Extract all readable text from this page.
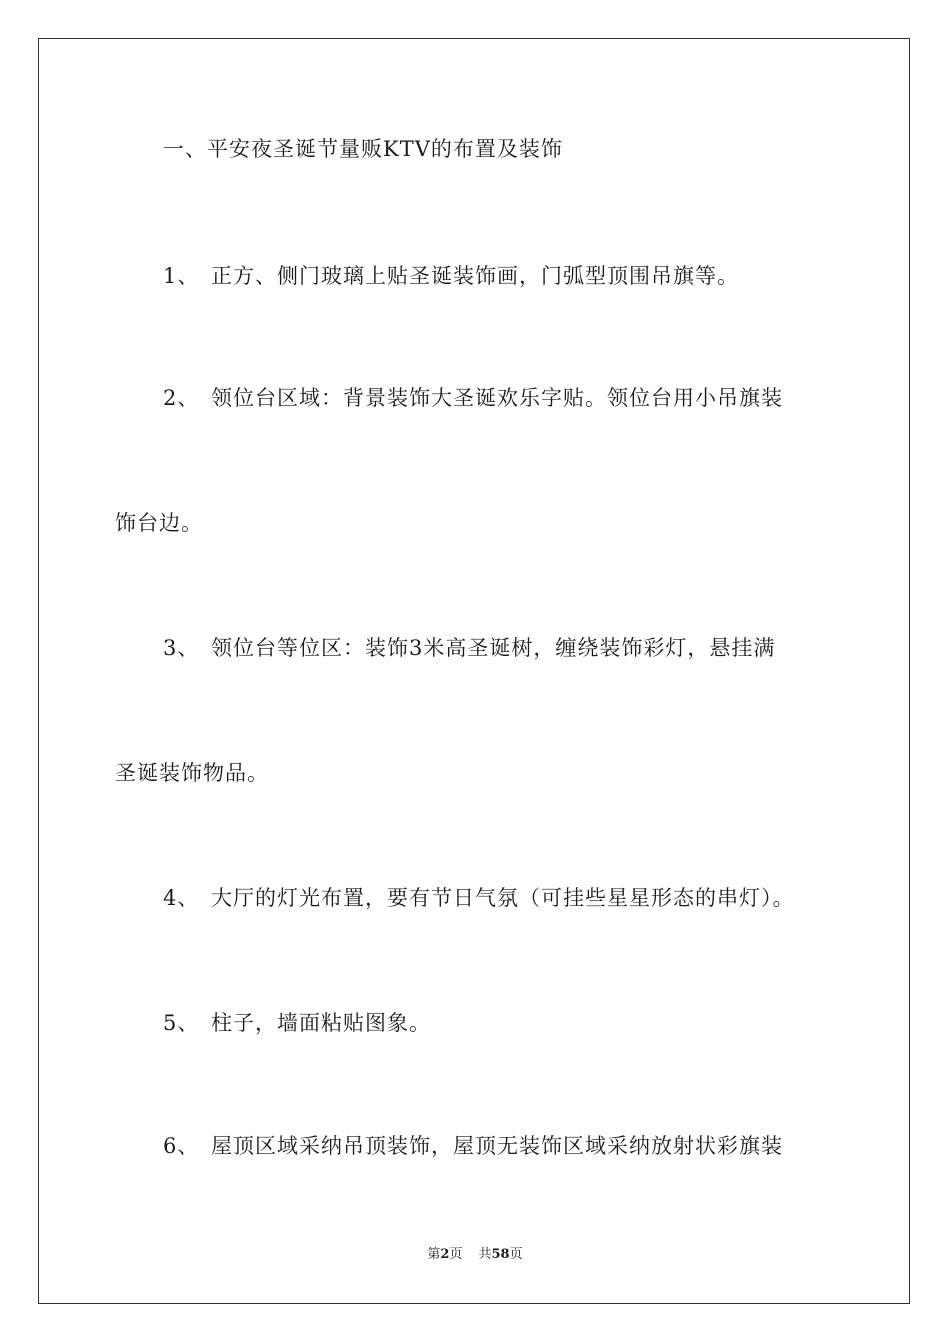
一、平安夜圣诞节量贩KTV的布置及装饰
1、 正方、侧门玻璃上贴圣诞装饰画，门弧型顶围吊旗等。
2、 领位台区域：背景装饰大圣诞欢乐字贴。领位台用小吊旗装
饰台边。
3、 领位台等位区：装饰3米高圣诞树，缠绕装饰彩灯，悬挂满
圣诞装饰物品。
4、 大厅的灯光布置，要有节日气氛（可挂些星星形态的串灯）。
5、 柱子，墙面粘贴图象。
6、 屋顶区域采纳吊顶装饰，屋顶无装饰区域采纳放射状彩旗装
第2页 共58页
